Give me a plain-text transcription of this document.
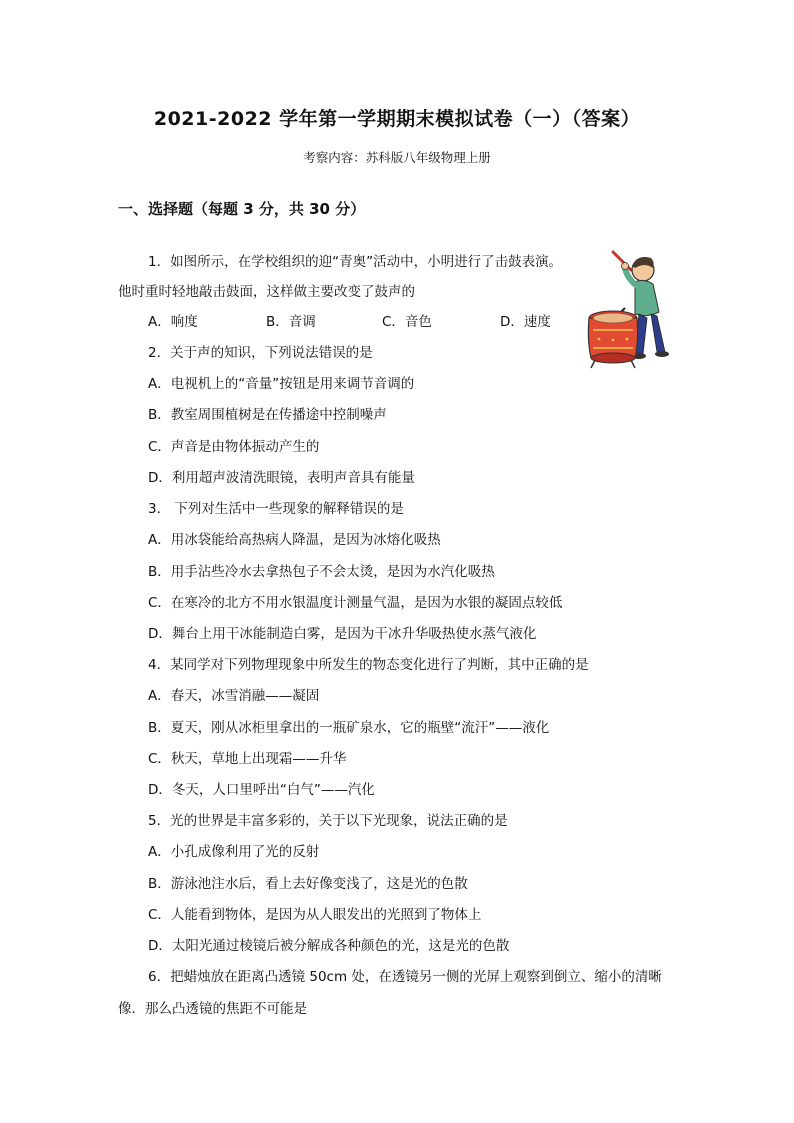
2021-2022 学年第一学期期末模拟试卷（一）（答案）
考察内容：苏科版八年级物理上册
一、选择题（每题 3 分，共 30 分）
1．如图所示，在学校组织的迎“青奥”活动中，小明进行了击鼓表演。
他时重时轻地敲击鼓面，这样做主要改变了鼓声的
A．响度	B．音调	C．音色	D．速度
2．关于声的知识，下列说法错误的是
A．电视机上的“音量”按钮是用来调节音调的
B．教室周围植树是在传播途中控制噪声
C．声音是由物体振动产生的
D．利用超声波清洗眼镜，表明声音具有能量
3． 下列对生活中一些现象的解释错误的是
A．用冰袋能给高热病人降温，是因为冰熔化吸热
B．用手沾些冷水去拿热包子不会太烫，是因为水汽化吸热
C．在寒冷的北方不用水银温度计测量气温，是因为水银的凝固点较低
D．舞台上用干冰能制造白雾，是因为干冰升华吸热使水蒸气液化
4．某同学对下列物理现象中所发生的物态变化进行了判断，其中正确的是
A．春天，冰雪消融——凝固
B．夏天，刚从冰柜里拿出的一瓶矿泉水，它的瓶壁“流汗”——液化
C．秋天，草地上出现霜——升华
D．冬天，人口里呼出“白气”——汽化
5．光的世界是丰富多彩的，关于以下光现象，说法正确的是
A．小孔成像利用了光的反射
B．游泳池注水后，看上去好像变浅了，这是光的色散
C．人能看到物体，是因为从人眼发出的光照到了物体上
D．太阳光通过棱镜后被分解成各种颜色的光，这是光的色散
6．把蜡烛放在距离凸透镜 50cm 处，在透镜另一侧的光屏上观察到倒立、缩小的清晰
像．那么凸透镜的焦距不可能是
